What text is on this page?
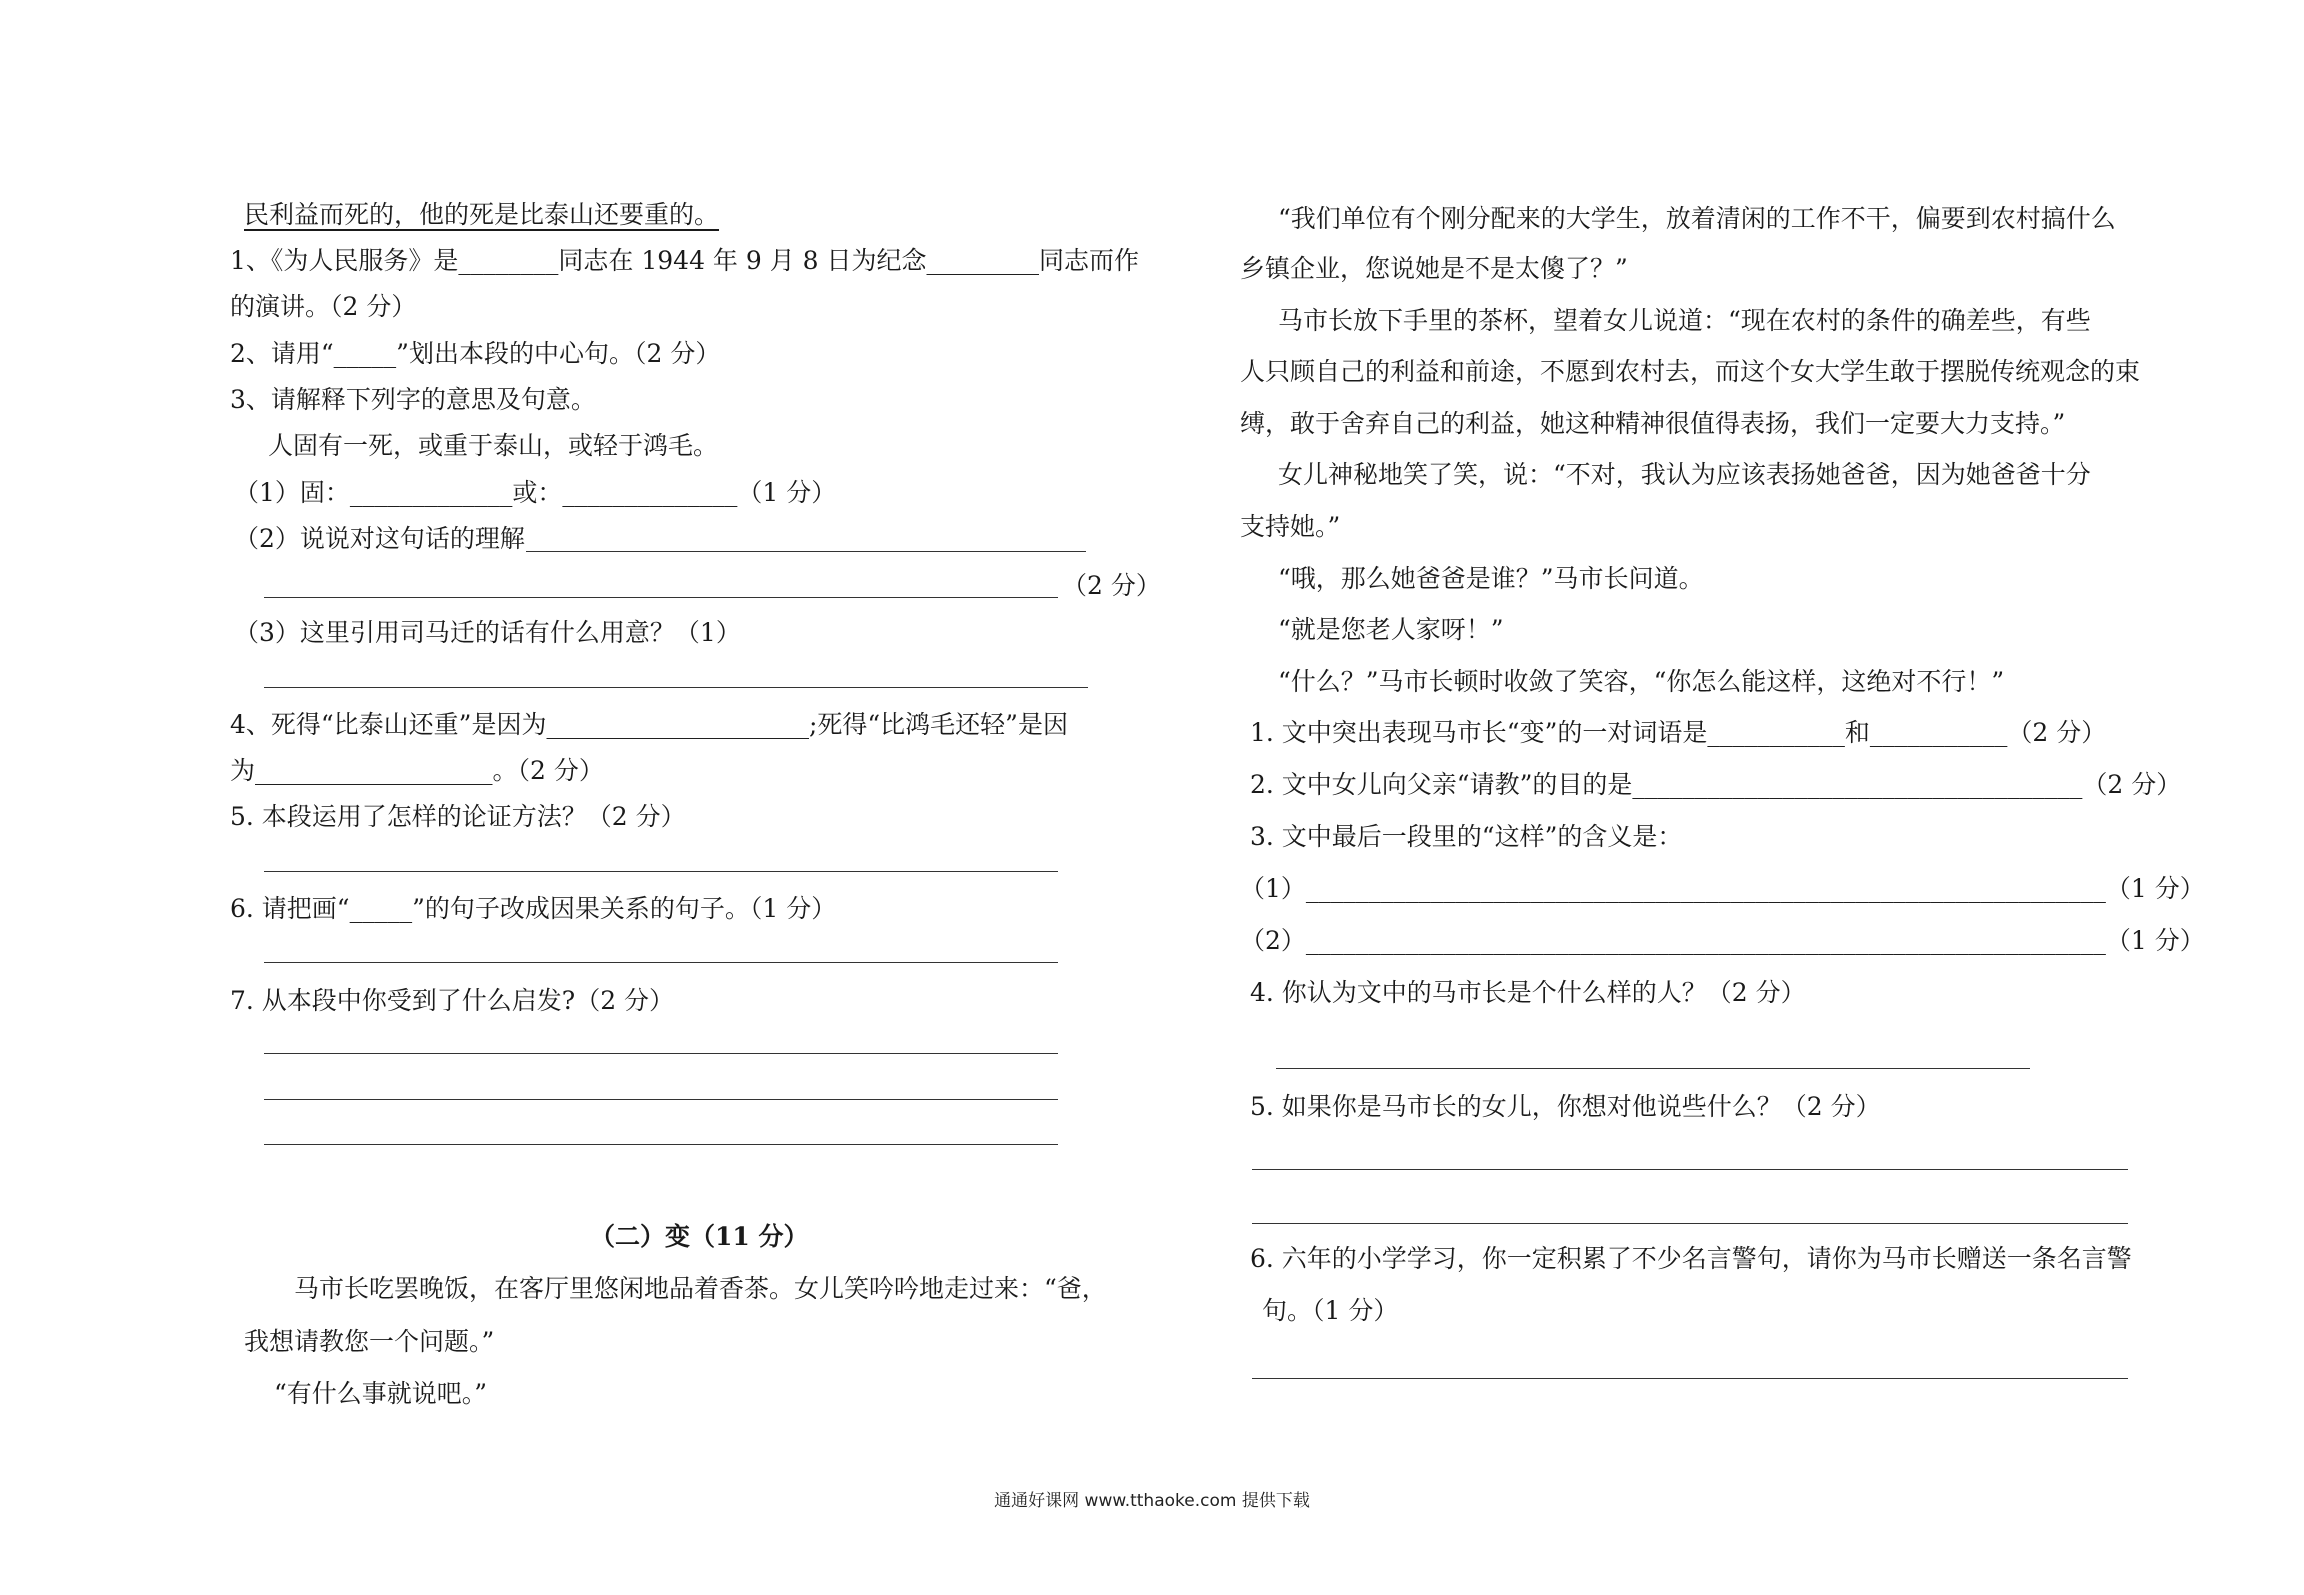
民利益而死的，他的死是比泰山还要重的。
1、《为人民服务》是________同志在 1944 年 9 月 8 日为纪念_________同志而作
的演讲。（2 分）
2、请用“_____”划出本段的中心句。（2 分）
3、请解释下列字的意思及句意。
人固有一死，或重于泰山，或轻于鸿毛。
（1）固：_____________或：______________（1 分）
（2）说说对这句话的理解
（2 分）
（3）这里引用司马迁的话有什么用意？（1）
4、死得“比泰山还重”是因为_____________________;死得“比鸿毛还轻”是因
为___________________。（2 分）
5. 本段运用了怎样的论证方法？（2 分）
6. 请把画“_____”的句子改成因果关系的句子。（1 分）
7. 从本段中你受到了什么启发?（2 分）
（二）变（11 分）
马市长吃罢晚饭，在客厅里悠闲地品着香茶。女儿笑吟吟地走过来：“爸，
我想请教您一个问题。”
“有什么事就说吧。”
“我们单位有个刚分配来的大学生，放着清闲的工作不干，偏要到农村搞什么
乡镇企业，您说她是不是太傻了？”
马市长放下手里的茶杯，望着女儿说道：“现在农村的条件的确差些，有些
人只顾自己的利益和前途，不愿到农村去，而这个女大学生敢于摆脱传统观念的束
缚，敢于舍弃自己的利益，她这种精神很值得表扬，我们一定要大力支持。”
女儿神秘地笑了笑，说：“不对，我认为应该表扬她爸爸，因为她爸爸十分
支持她。”
“哦，那么她爸爸是谁？”马市长问道。
“就是您老人家呀！”
“什么？”马市长顿时收敛了笑容，“你怎么能这样，这绝对不行！”
1. 文中突出表现马市长“变”的一对词语是___________和___________（2 分）
2. 文中女儿向父亲“请教”的目的是____________________________________（2 分）
3. 文中最后一段里的“这样”的含义是：
（1）________________________________________________________________（1 分）
（2）________________________________________________________________（1 分）
4. 你认为文中的马市长是个什么样的人？（2 分）
5. 如果你是马市长的女儿，你想对他说些什么？（2 分）
6. 六年的小学学习，你一定积累了不少名言警句，请你为马市长赠送一条名言警
句。（1 分）
通通好课网 www.tthaoke.com 提供下载
